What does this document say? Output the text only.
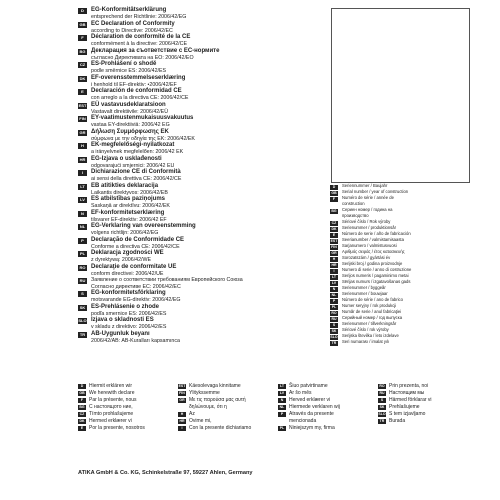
D	EG-Konformitätserklärung
entsprechend der Richtlinie: 2006/42/EG
GB EC Declaration of Conformity
according to Directive: 2006/42/EC
F	Déclaration de conformité de la CE
conformément à la directive: 2006/42/CE
BG Декларация за съответствие с ЕС-нормите
съгласно Директивата на ЕО: 2006/42/ЕО
CZ ES-Prohlášení o shodě
podle směrnice ES: 2006/42/ES
DK EF-overensstemmelseserklæring
i henhold til EF-direktiv: •2006/42/EF
E	Declaración de conformidad CE
con arreglo a la directiva CE: 2006/42/CE
EST EÜ vastavusdeklaratsioon
Vastavalt direktiivile: 2006/42/EÜ
FIN EY-vaatimustenmukaisuusvakuutus
vastaa EY-direktiiviä: 2006/42 EG
GR Δήλωση Συμμόρφωσης ΕΚ
σύμφωνα με την οδηγία της ΕΚ: 2006/42/EK
H	EK-megfelelőségi-nyilatkozat
a irányelvnek megfelelően: 2006/42 EK
HR EG-Izjava o usklađenosti
odgovarajući smjernici: 2006/42 EU
I	Dichiarazione CE di Conformità
ai sensi della direttiva CE: 2006/42/CE
LT	EB atitikties deklaracija
Laikantis direktyvos: 2006/42/EB
LV	ES atbilstības paziņojums
Saskaņā ar direktīvu: 2006/42/EK
N	EF-konformitetserklæring
tilsvarer EF-direktiv: 2006/42 EF
NL EG-Verklaring van overeenstemming
volgens richtlijn: 2006/42/EG
P	Declaração de Conformidade CE
Conforme a directiva CE: 2006/42/CE
PL Deklaracja zgodności WE
z dyrektywą: 2006/42/WE
RO Declaraţie de conformitate UE
conform directivei: 2006/42/UE
RU	Заявление о соответствии требованиям Европейского Союза
Согласно директиве ЕС: 2006/42/EС
S	EG-konformitetsförklaring
motsvarande EG-direktiv: 2006/42/EG
SK ES-Prehlásenie o zhode
podľa smernice ES: 2006/42/ES
SLO Izjava o skladnosti ES
v skladu z direktivo: 2006/42/ES
TR AB-Uygunluk beyanı
2006/42/AB: AB-Kuralları kapsamınca
D	Seriennummer / Baujahr
GB	Serial number / year of construction
F	Numéro de série / année de
construction
BG	Сериен номер / година на
производство
CZ	Sériové číslo / Rok výroby
DK	Serienummer / produktionsår
E	Número de serie / año de fabricación
EST	Seerianumber / valmistamisaasta
FIN	Sarjanumero / valmistusvuosi
GR	Αριθμός σειράς / έτος κατασκευής
H	Sorozatszám / gyártási év
HR	Serijski broj / godina proizvodnje
I	Numero di serie / anno di costruzione
LT	Serijos numeris / pagaminimo metai
LV	Sērijas numurs / izgatavošanas gads
N	Serienummer / byggeår
NL	Serienummer / bouwjaar
P	Número de série / ano de fabrico
PL	Numer seryjny / rok produkcji
RO	Număr de serie / anul fabricaţiei
RU	Серийный номер / год выпуска
S	Serienummer / tillverkningsår
SK	Sériové číslo / rok výroby
SLO	Serijska številka / leto izdelave
TR	Seri numarası / imalat yılı
D	Hiermit erklären wir
GB We herewith declare
F	Par la présente, nous
BG С настоящото ние,
CZ Tímto prohlašujeme
DK Hermed erklærer vi
E	Por la presente, nosotros
EST Käesolevaga kinnitame
FIN Ylitykssemme
GR Με τις παρούσα μας αυτή
δηλώνουμε, ότι η
H	Az
HR Ovime mi,
I	Con la presente dichiariamo
LT Šiuo patvirtiname
LV Ar šo mēs
N	Herved erklærer vi
NL Hiermede verklaren wij
P	Através da presente
mencionada
PL Niniejszym my, firma
RO Prin prezenta, noi
RU Настоящим мы
S	Härmed förklarar vi
SK Prehlašujeme
SLO S tem izjavljamo
TR Burada
ATIKA GmbH & Co. KG, Schinkelstraße 97, 59227 Ahlen, Germany
